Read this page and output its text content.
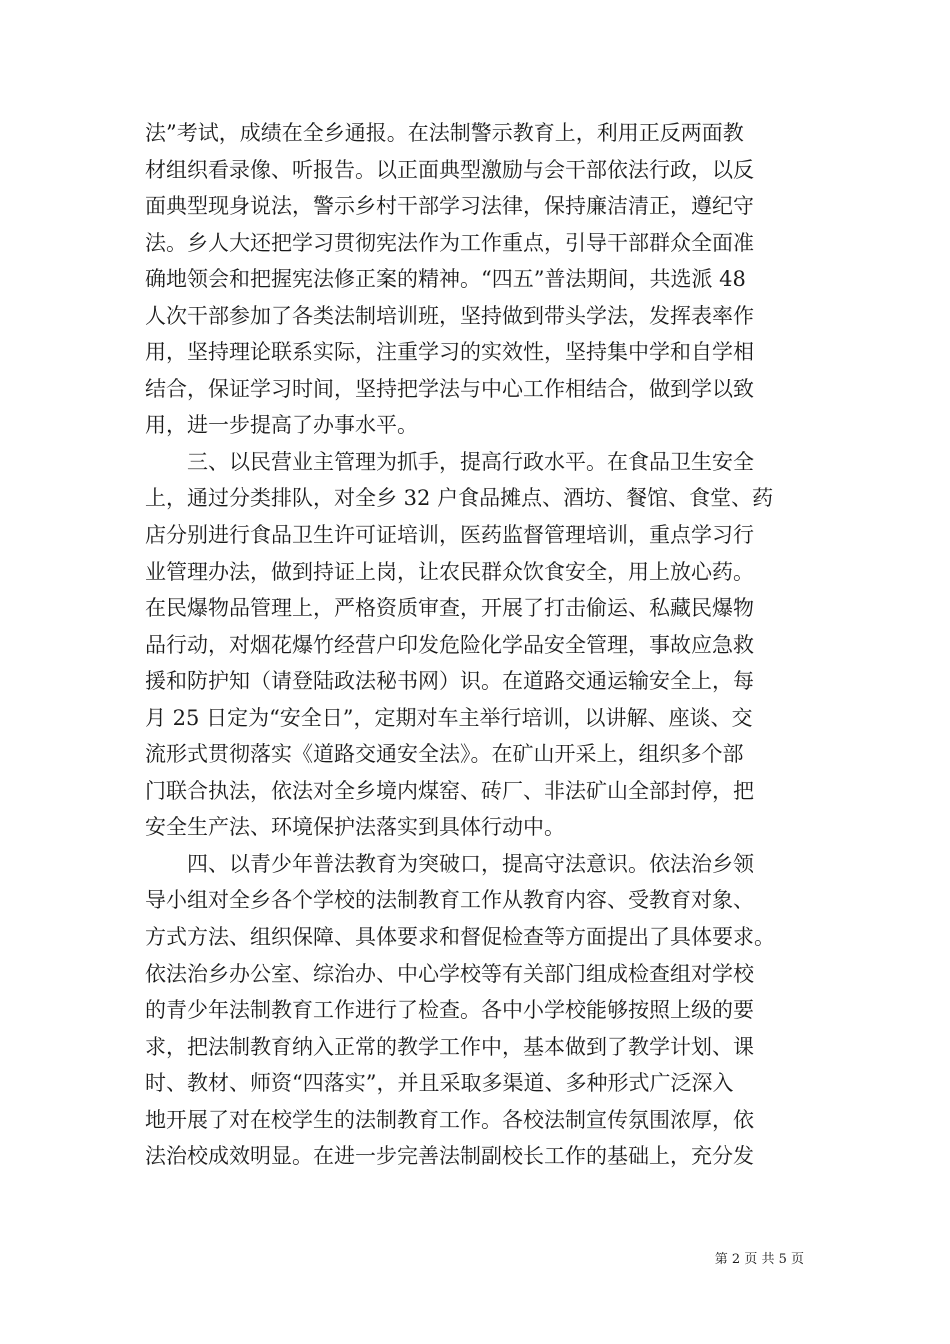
法”考试，成绩在全乡通报。在法制警示教育上，利用正反两面教
材组织看录像、听报告。以正面典型激励与会干部依法行政，以反
面典型现身说法，警示乡村干部学习法律，保持廉洁清正，遵纪守
法。乡人大还把学习贯彻宪法作为工作重点，引导干部群众全面准
确地领会和把握宪法修正案的精神。“四五”普法期间，共选派 48
人次干部参加了各类法制培训班，坚持做到带头学法，发挥表率作
用，坚持理论联系实际，注重学习的实效性，坚持集中学和自学相
结合，保证学习时间，坚持把学法与中心工作相结合，做到学以致
用，进一步提高了办事水平。
　　三、以民营业主管理为抓手，提高行政水平。在食品卫生安全
上，通过分类排队，对全乡 32 户食品摊点、酒坊、餐馆、食堂、药
店分别进行食品卫生许可证培训，医药监督管理培训，重点学习行
业管理办法，做到持证上岗，让农民群众饮食安全，用上放心药。
在民爆物品管理上，严格资质审查，开展了打击偷运、私藏民爆物
品行动，对烟花爆竹经营户印发危险化学品安全管理，事故应急救
援和防护知（请登陆政法秘书网）识。在道路交通运输安全上，每
月 25 日定为“安全日”，定期对车主举行培训，以讲解、座谈、交
流形式贯彻落实《道路交通安全法》。在矿山开采上，组织多个部
门联合执法，依法对全乡境内煤窑、砖厂、非法矿山全部封停，把
安全生产法、环境保护法落实到具体行动中。
　　四、以青少年普法教育为突破口，提高守法意识。依法治乡领
导小组对全乡各个学校的法制教育工作从教育内容、受教育对象、
方式方法、组织保障、具体要求和督促检查等方面提出了具体要求。
依法治乡办公室、综治办、中心学校等有关部门组成检查组对学校
的青少年法制教育工作进行了检查。各中小学校能够按照上级的要
求，把法制教育纳入正常的教学工作中，基本做到了教学计划、课
时、教材、师资“四落实”，并且采取多渠道、多种形式广泛深入
地开展了对在校学生的法制教育工作。各校法制宣传氛围浓厚，依
法治校成效明显。在进一步完善法制副校长工作的基础上，充分发
第 2 页 共 5 页
